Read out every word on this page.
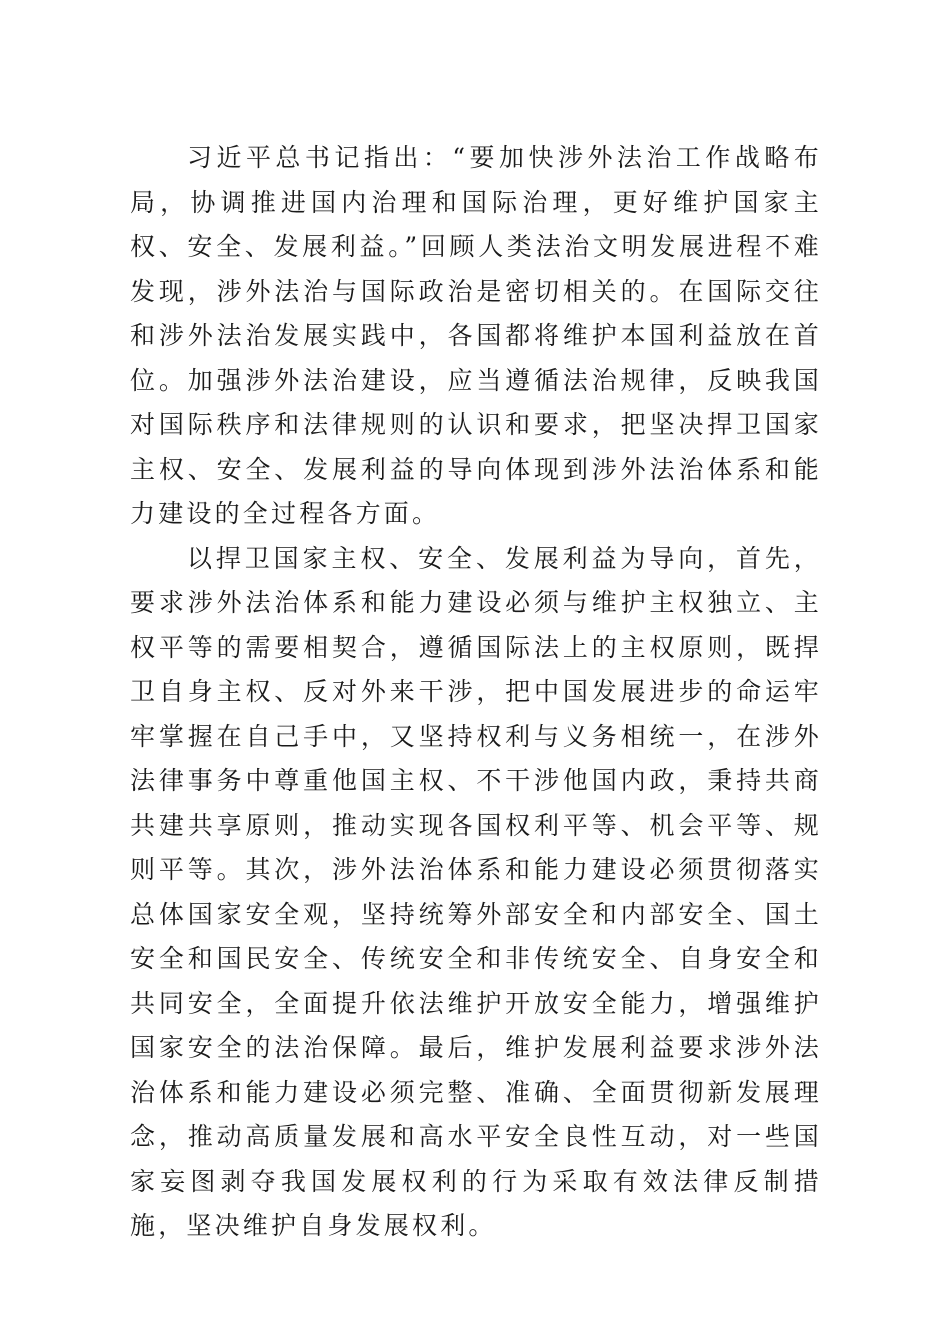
习近平总书记指出：“要加快涉外法治工作战略布局，协调推进国内治理和国际治理，更好维护国家主权、安全、发展利益。”回顾人类法治文明发展进程不难发现，涉外法治与国际政治是密切相关的。在国际交往和涉外法治发展实践中，各国都将维护本国利益放在首位。加强涉外法治建设，应当遵循法治规律，反映我国对国际秩序和法律规则的认识和要求，把坚决捍卫国家主权、安全、发展利益的导向体现到涉外法治体系和能力建设的全过程各方面。

以捍卫国家主权、安全、发展利益为导向，首先，要求涉外法治体系和能力建设必须与维护主权独立、主权平等的需要相契合，遵循国际法上的主权原则，既捍卫自身主权、反对外来干涉，把中国发展进步的命运牢牢掌握在自己手中，又坚持权利与义务相统一，在涉外法律事务中尊重他国主权、不干涉他国内政，秉持共商共建共享原则，推动实现各国权利平等、机会平等、规则平等。其次，涉外法治体系和能力建设必须贯彻落实总体国家安全观，坚持统筹外部安全和内部安全、国土安全和国民安全、传统安全和非传统安全、自身安全和共同安全，全面提升依法维护开放安全能力，增强维护国家安全的法治保障。最后，维护发展利益要求涉外法治体系和能力建设必须完整、准确、全面贯彻新发展理念，推动高质量发展和高水平安全良性互动，对一些国家妄图剥夺我国发展权利的行为采取有效法律反制措施，坚决维护自身发展权利。
